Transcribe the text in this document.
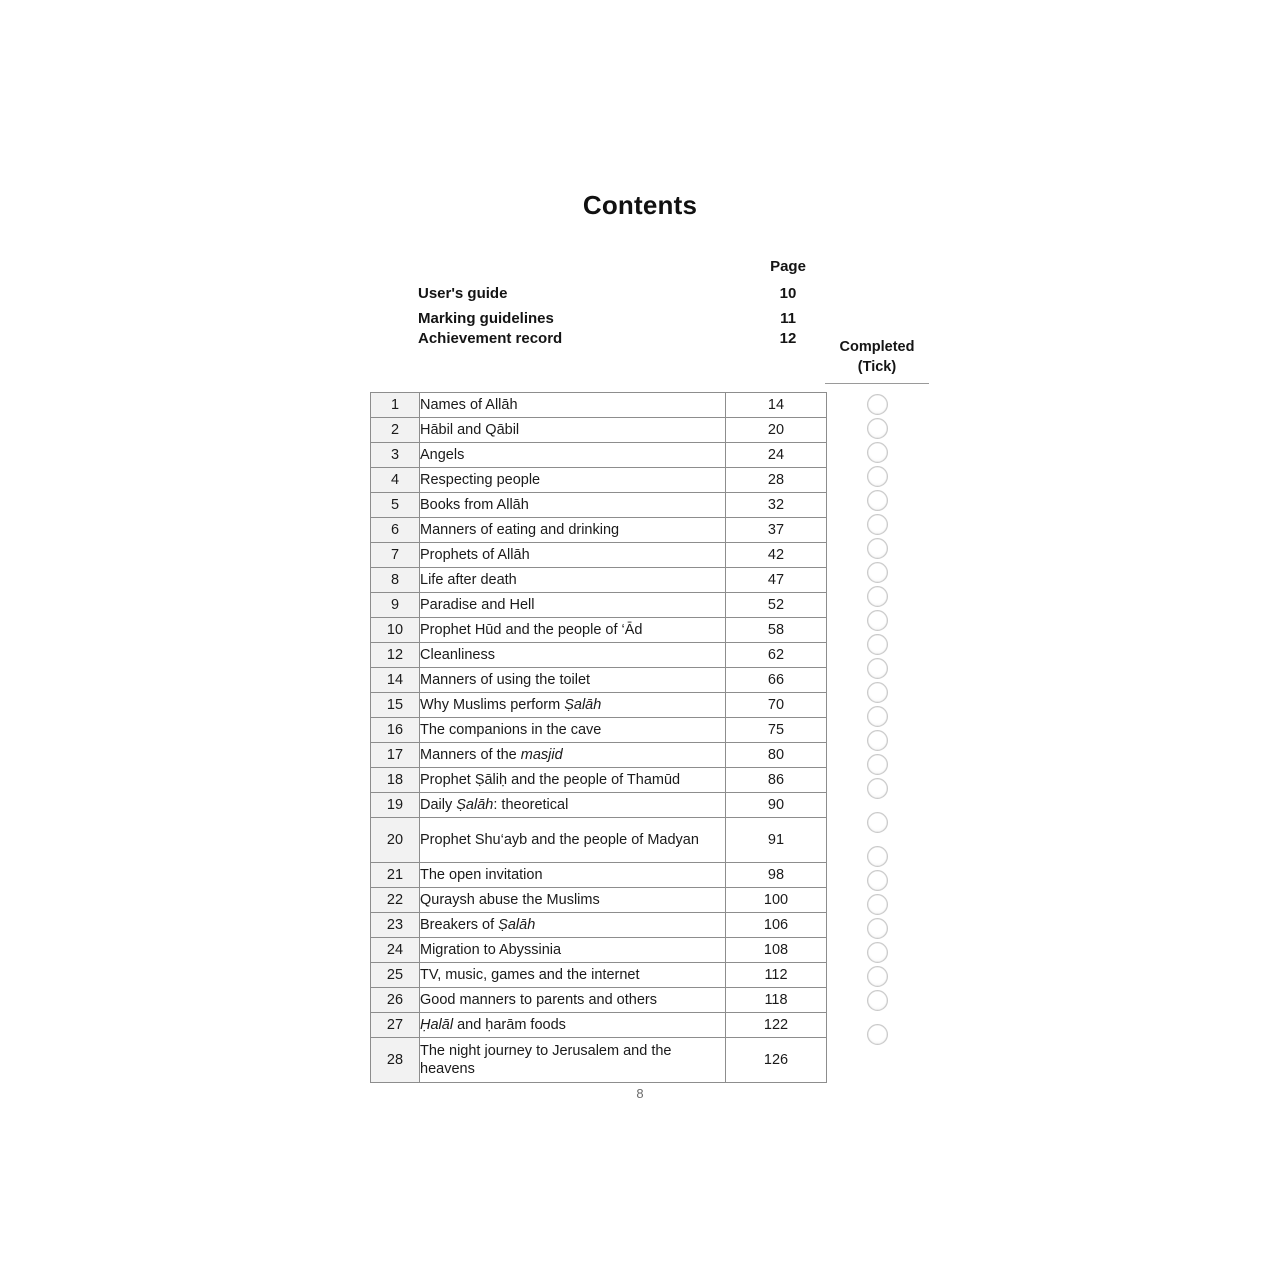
Contents
Page
User's guide	10
Marking guidelines	11
Achievement record	12	Completed
(Tick)
1	Names of Allāh	14
2	Hābil and Qābil	20
3	Angels	24
4	Respecting people	28
5	Books from Allāh	32
6	Manners of eating and drinking	37
7	Prophets of Allāh	42
8	Life after death	47
9	Paradise and Hell	52
10	Prophet Hūd and the people of ‘Ād	58
12	Cleanliness	62
14	Manners of using the toilet	66
15	Why Muslims perform Ṣalāh	70
16	The companions in the cave	75
17	Manners of the masjid	80
18	Prophet Ṣāliḥ and the people of Thamūd	86
19	Daily Ṣalāh: theoretical	90
20	Prophet Shu‘ayb and the people of Madyan	91
21	The open invitation	98
22	Quraysh abuse the Muslims	100
23	Breakers of Ṣalāh	106
24	Migration to Abyssinia	108
25	TV, music, games and the internet	112
26	Good manners to parents and others	118
27	Ḥalāl and ḥarām foods	122
28	The night journey to Jerusalem and the heavens	126
8
